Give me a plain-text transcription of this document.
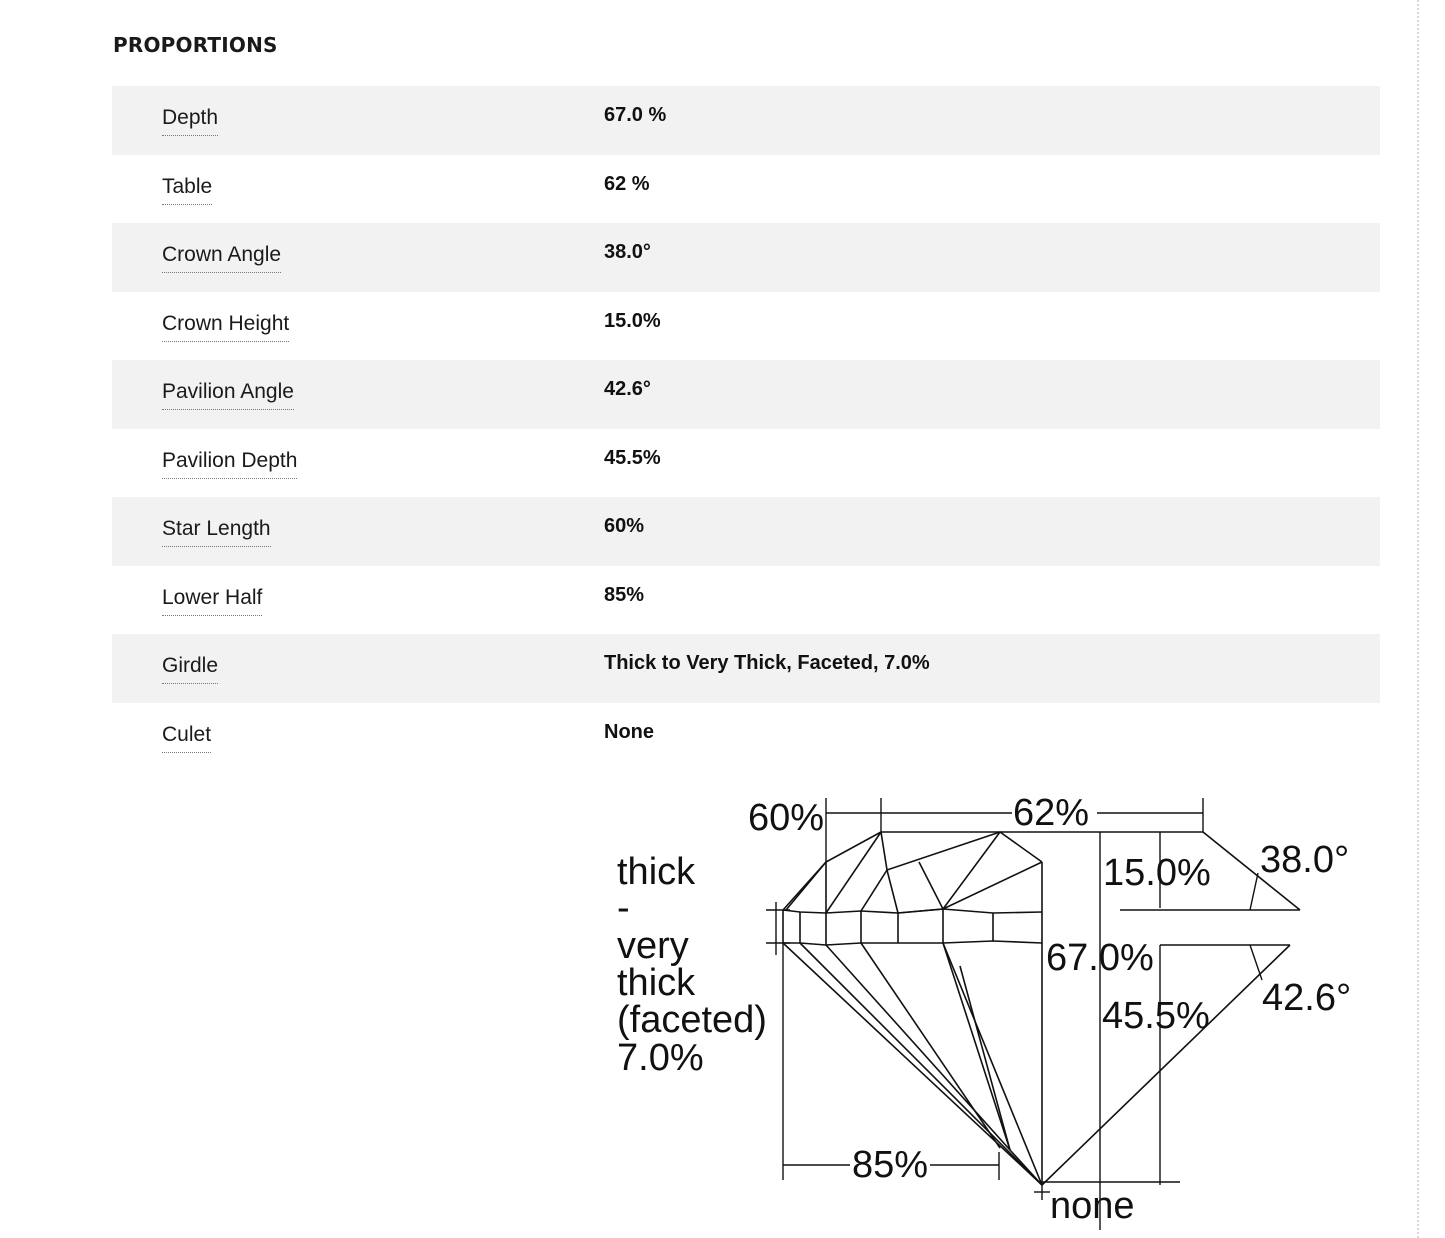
PROPORTIONS
Depth	67.0 %
Table	62 %
Crown Angle	38.0°
Crown Height	15.0%
Pavilion Angle	42.6°
Pavilion Depth	45.5%
Star Length	60%
Lower Half	85%
Girdle	Thick to Very Thick, Faceted, 7.0%
Culet	None
60%	62%
15.0% 38.0°
67.0%
45.5% 42.6°
85%
none
thick
-
very
thick
(faceted)
7.0%
